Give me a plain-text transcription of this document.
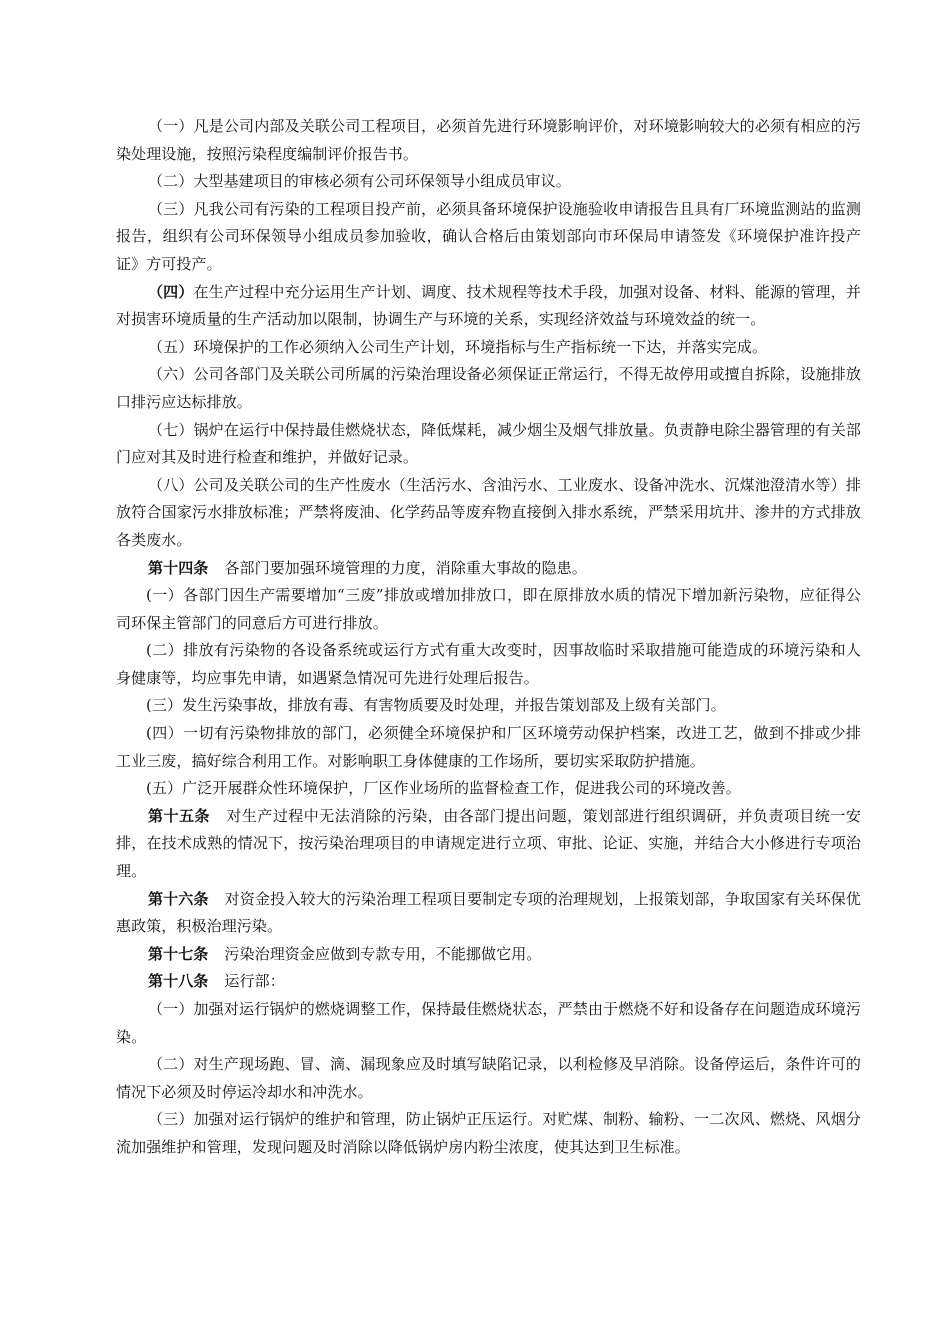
（一）凡是公司内部及关联公司工程项目，必须首先进行环境影响评价，对环境影响较大的必须有相应的污染处理设施，按照污染程度编制评价报告书。

（二）大型基建项目的审核必须有公司环保领导小组成员审议。

（三）凡我公司有污染的工程项目投产前，必须具备环境保护设施验收申请报告且具有厂环境监测站的监测报告，组织有公司环保领导小组成员参加验收，确认合格后由策划部向市环保局申请签发《环境保护准许投产证》方可投产。

（四）在生产过程中充分运用生产计划、调度、技术规程等技术手段，加强对设备、材料、能源的管理，并对损害环境质量的生产活动加以限制，协调生产与环境的关系，实现经济效益与环境效益的统一。

（五）环境保护的工作必须纳入公司生产计划，环境指标与生产指标统一下达，并落实完成。

（六）公司各部门及关联公司所属的污染治理设备必须保证正常运行，不得无故停用或擅自拆除，设施排放口排污应达标排放。

（七）锅炉在运行中保持最佳燃烧状态，降低煤耗，减少烟尘及烟气排放量。负责静电除尘器管理的有关部门应对其及时进行检查和维护，并做好记录。

（八）公司及关联公司的生产性废水（生活污水、含油污水、工业废水、设备冲洗水、沉煤池澄清水等）排放符合国家污水排放标准；严禁将废油、化学药品等废弃物直接倒入排水系统，严禁采用坑井、渗井的方式排放各类废水。

第十四条 各部门要加强环境管理的力度，消除重大事故的隐患。

(一）各部门因生产需要增加“三废”排放或增加排放口，即在原排放水质的情况下增加新污染物，应征得公司环保主管部门的同意后方可进行排放。

(二）排放有污染物的各设备系统或运行方式有重大改变时，因事故临时采取措施可能造成的环境污染和人身健康等，均应事先申请，如遇紧急情况可先进行处理后报告。

(三）发生污染事故，排放有毒、有害物质要及时处理，并报告策划部及上级有关部门。

(四）一切有污染物排放的部门，必须健全环境保护和厂区环境劳动保护档案，改进工艺，做到不排或少排工业三废，搞好综合利用工作。对影响职工身体健康的工作场所，要切实采取防护措施。

(五）广泛开展群众性环境保护，厂区作业场所的监督检查工作，促进我公司的环境改善。

第十五条 对生产过程中无法消除的污染，由各部门提出问题，策划部进行组织调研，并负责项目统一安排，在技术成熟的情况下，按污染治理项目的申请规定进行立项、审批、论证、实施，并结合大小修进行专项治理。

第十六条 对资金投入较大的污染治理工程项目要制定专项的治理规划，上报策划部，争取国家有关环保优惠政策，积极治理污染。

第十七条 污染治理资金应做到专款专用，不能挪做它用。

第十八条 运行部：

（一）加强对运行锅炉的燃烧调整工作，保持最佳燃烧状态，严禁由于燃烧不好和设备存在问题造成环境污染。

（二）对生产现场跑、冒、滴、漏现象应及时填写缺陷记录，以利检修及早消除。设备停运后，条件许可的情况下必须及时停运冷却水和冲洗水。

（三）加强对运行锅炉的维护和管理，防止锅炉正压运行。对贮煤、制粉、输粉、一二次风、燃烧、风烟分流加强维护和管理，发现问题及时消除以降低锅炉房内粉尘浓度，使其达到卫生标准。
